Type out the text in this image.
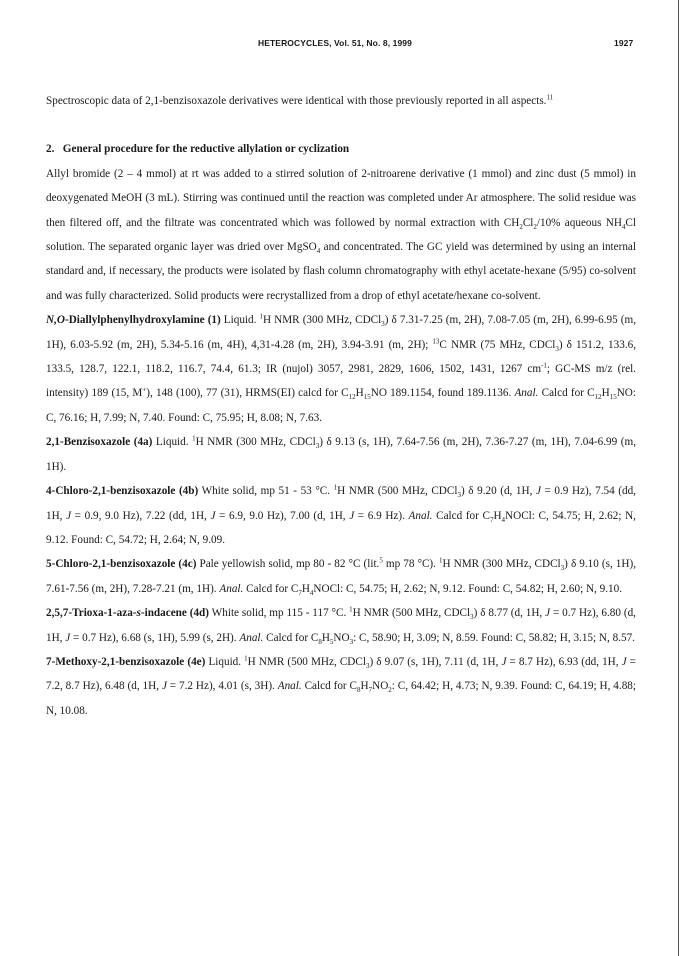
HETEROCYCLES, Vol. 51, No. 8, 1999	1927

Spectroscopic data of 2,1-benzisoxazole derivatives were identical with those previously reported in all aspects.$^{11}$

2. General procedure for the reductive allylation or cyclization

Allyl bromide (2 – 4 mmol) at rt was added to a stirred solution of 2-nitroarene derivative (1 mmol) and zinc dust (5 mmol) in deoxygenated MeOH (3 mL). Stirring was continued until the reaction was completed under Ar atmosphere. The solid residue was then filtered off, and the filtrate was concentrated which was followed by normal extraction with $CH_2Cl_2/10\%$ aqueous $NH_4Cl$ solution. The separated organic layer was dried over MgSO$_4$ and concentrated. The GC yield was determined by using an internal standard and, if necessary, the products were isolated by flash column chromatography with ethyl acetate-hexane (5/95) co-solvent and was fully characterized. Solid products were recrystallized from a drop of ethyl acetate/hexane co-solvent.

N,O-Diallylphenylhydroxylamine (1) Liquid. $^1$H NMR (300 MHz, CDCl$_3$) δ 7.31-7.25 (m, 2H), 7.08-7.05 (m, 2H), 6.99-6.95 (m, 1H), 6.03-5.92 (m, 2H), 5.34-5.16 (m, 4H), 4,31-4.28 (m, 2H), 3.94-3.91 (m, 2H); $^{13}$C NMR (75 MHz, CDCl$_3$) δ 151.2, 133.6, 133.5, 128.7, 122.1, 118.2, 116.7, 74.4, 61.3; IR (nujol) 3057, 2981, 2829, 1606, 1502, 1431, 1267 $cm^{-1}$; GC-MS m/z (rel. intensity) 189 (15, M+), 148 (100), 77 (31), HRMS(EI) calcd for $C_{12}H_{15}NO$ 189.1154, found 189.1136. Anal. Calcd for $C_{12}H_{15}NO$: C, 76.16; H, 7.99; N, 7.40. Found: C, 75.95; H, 8.08; N, 7.63.

2,1-Benzisoxazole (4a) Liquid. $^1$H NMR (300 MHz, CDCl$_3$) δ 9.13 (s, 1H), 7.64-7.56 (m, 2H), 7.36-7.27 (m, 1H), 7.04-6.99 (m, 1H).

4-Chloro-2,1-benzisoxazole (4b) White solid, mp 51 - 53 °C. $^1$H NMR (500 MHz, CDCl$_3$) δ 9.20 (d, 1H, J = 0.9 Hz), 7.54 (dd, 1H, J = 0.9, 9.0 Hz), 7.22 (dd, 1H, J = 6.9, 9.0 Hz), 7.00 (d, 1H, J = 6.9 Hz). Anal. Calcd for $C_7H_4NOCl$: C, 54.75; H, 2.62; N, 9.12. Found: C, 54.72; H, 2.64; N, 9.09.

5-Chloro-2,1-benzisoxazole (4c) Pale yellowish solid, mp 80 - 82 °C (lit.$^5$ mp 78 °C). $^1$H NMR (300 MHz, CDCl$_3$) δ 9.10 (s, 1H), 7.61-7.56 (m, 2H), 7.28-7.21 (m, 1H). Anal. Calcd for $C_7H_4NOCl$: C, 54.75; H, 2.62; N, 9.12. Found: C, 54.82; H, 2.60; N, 9.10.

2,5,7-Trioxa-1-aza-s-indacene (4d) White solid, mp 115 - 117 °C. $^1$H NMR (500 MHz, CDCl$_3$) δ 8.77 (d, 1H, J = 0.7 Hz), 6.80 (d, 1H, J = 0.7 Hz), 6.68 (s, 1H), 5.99 (s, 2H). Anal. Calcd for $C_8H_5NO_3$: C, 58.90; H, 3.09; N, 8.59. Found: C, 58.82; H, 3.15; N, 8.57.

7-Methoxy-2,1-benzisoxazole (4e) Liquid. $^1$H NMR (500 MHz, CDCl$_3$) δ 9.07 (s, 1H), 7.11 (d, 1H, J = 8.7 Hz), 6.93 (dd, 1H, J = 7.2, 8.7 Hz), 6.48 (d, 1H, J = 7.2 Hz), 4.01 (s, 3H). Anal. Calcd for $C_8H_7NO_2$: C, 64.42; H, 4.73; N, 9.39. Found: C, 64.19; H, 4.88; N, 10.08.
